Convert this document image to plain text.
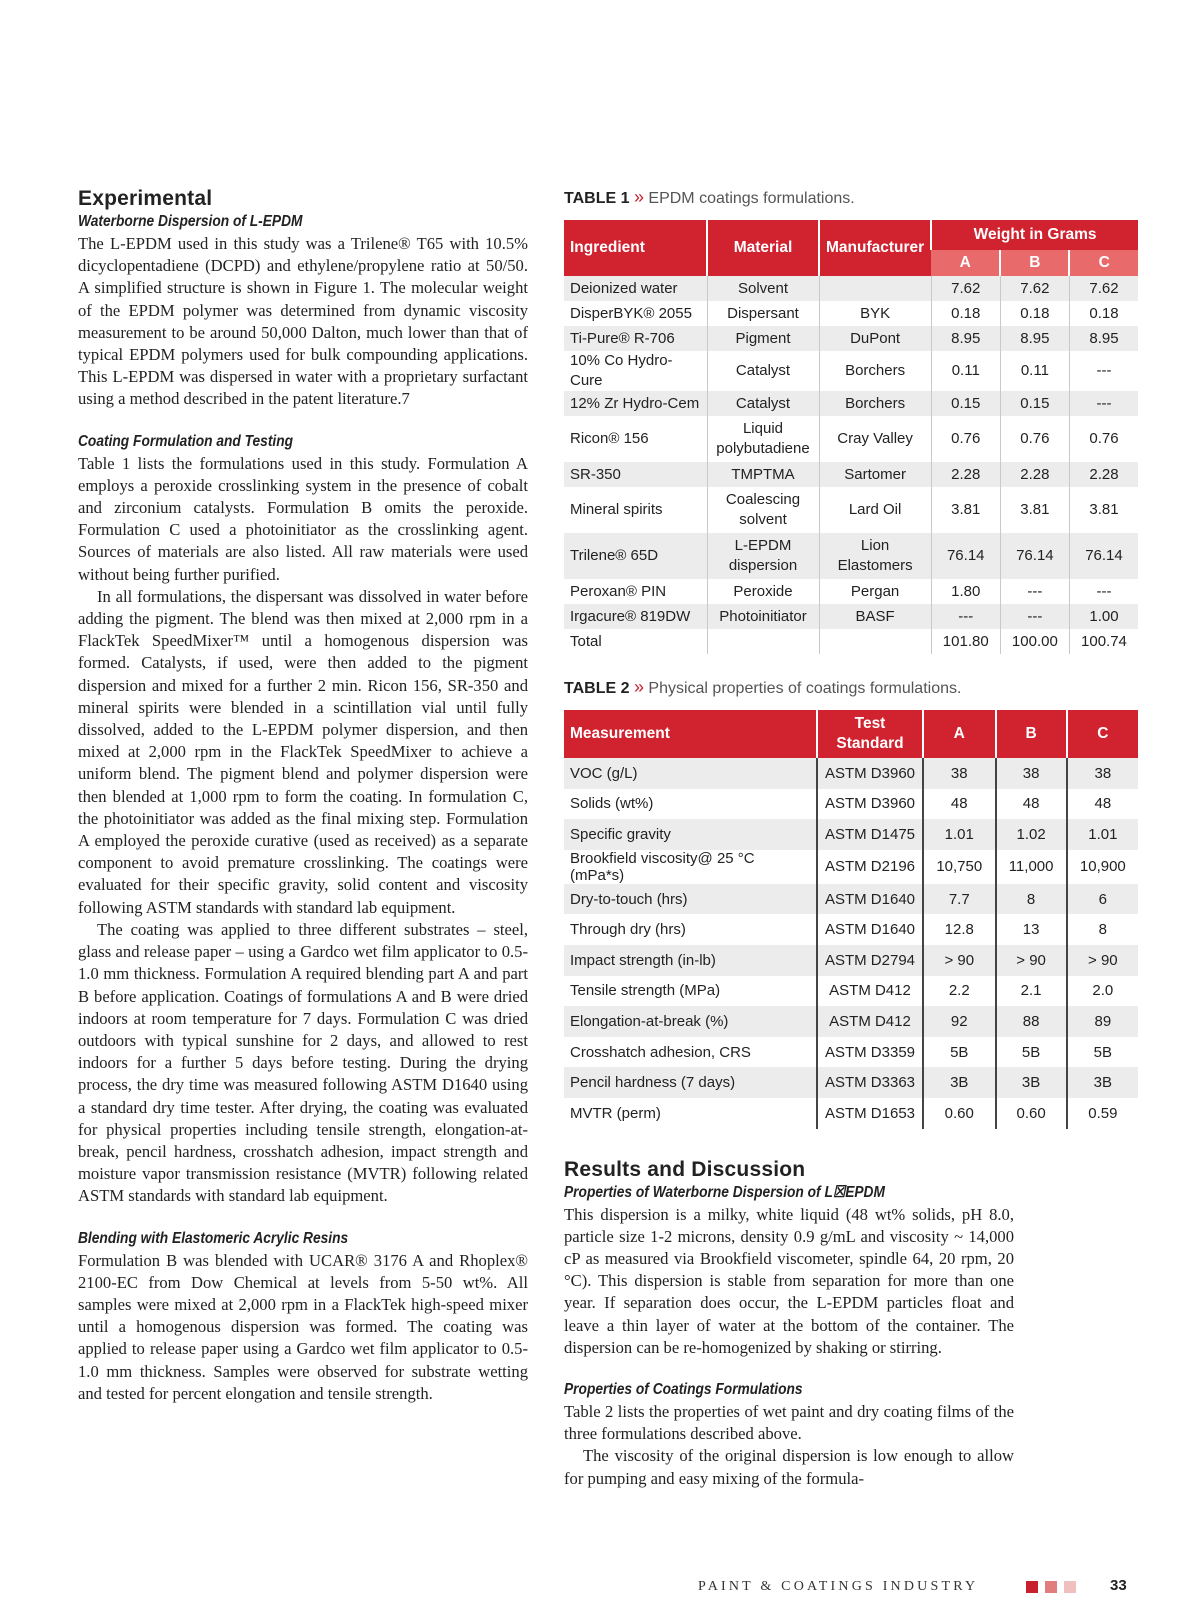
Experimental
Waterborne Dispersion of L-EPDM

The L-EPDM used in this study was a Trilene® T65 with 10.5% dicyclopentadiene (DCPD) and ethylene/propylene ratio at 50/50. A simplified structure is shown in Figure 1. The molecular weight of the EPDM polymer was determined from dynamic viscosity measurement to be around 50,000 Dalton, much lower than that of typical EPDM polymers used for bulk compounding applications. This L-EPDM was dispersed in water with a proprietary surfactant using a method described in the patent literature.7

Coating Formulation and Testing

Table 1 lists the formulations used in this study. Formulation A employs a peroxide crosslinking system in the presence of cobalt and zirconium catalysts. Formulation B omits the peroxide. Formulation C used a photoinitiator as the crosslinking agent. Sources of materials are also listed. All raw materials were used without being further purified.

In all formulations, the dispersant was dissolved in water before adding the pigment. The blend was then mixed at 2,000 rpm in a FlackTek SpeedMixer™ until a homogenous dispersion was formed. Catalysts, if used, were then added to the pigment dispersion and mixed for a further 2 min. Ricon 156, SR-350 and mineral spirits were blended in a scintillation vial until fully dissolved, added to the L-EPDM polymer dispersion, and then mixed at 2,000 rpm in the FlackTek SpeedMixer to achieve a uniform blend. The pigment blend and polymer dispersion were then blended at 1,000 rpm to form the coating. In formulation C, the photoinitiator was added as the final mixing step. Formulation A employed the peroxide curative (used as received) as a separate component to avoid premature crosslinking. The coatings were evaluated for their specific gravity, solid content and viscosity following ASTM standards with standard lab equipment.

The coating was applied to three different substrates – steel, glass and release paper – using a Gardco wet film applicator to 0.5-1.0 mm thickness. Formulation A required blending part A and part B before application. Coatings of formulations A and B were dried indoors at room temperature for 7 days. Formulation C was dried outdoors with typical sunshine for 2 days, and allowed to rest indoors for a further 5 days before testing. During the drying process, the dry time was measured following ASTM D1640 using a standard dry time tester. After drying, the coating was evaluated for physical properties including tensile strength, elongation-at-break, pencil hardness, crosshatch adhesion, impact strength and moisture vapor transmission resistance (MVTR) following related ASTM standards with standard lab equipment.

Blending with Elastomeric Acrylic Resins

Formulation B was blended with UCAR® 3176 A and Rhoplex® 2100-EC from Dow Chemical at levels from 5-50 wt%. All samples were mixed at 2,000 rpm in a FlackTek high-speed mixer until a homogenous dispersion was formed. The coating was applied to release paper using a Gardco wet film applicator to 0.5-1.0 mm thickness. Samples were observed for substrate wetting and tested for percent elongation and tensile strength.

TABLE 1 » EPDM coatings formulations.

Ingredient	Material	Manufacturer	Weight in Grams		
			A	B	C
Deionized water	Solvent		7.62	7.62	7.62
DisperBYK® 2055	Dispersant	BYK	0.18	0.18	0.18
Ti-Pure® R-706	Pigment	DuPont	8.95	8.95	8.95
10% Co Hydro-Cure	Catalyst	Borchers	0.11	0.11	---
12% Zr Hydro-Cem	Catalyst	Borchers	0.15	0.15	---
Ricon® 156	Liquid polybutadiene	Cray Valley	0.76	0.76	0.76
SR-350	TMPTMA	Sartomer	2.28	2.28	2.28
Mineral spirits	Coalescing solvent	Lard Oil	3.81	3.81	3.81
Trilene® 65D	L-EPDM dispersion	Lion Elastomers	76.14	76.14	76.14
Peroxan® PIN	Peroxide	Pergan	1.80	---	---
Irgacure® 819DW	Photoinitiator	BASF	---	---	1.00
Total			101.80	100.00	100.74

TABLE 2 » Physical properties of coatings formulations.

Measurement	Test Standard	A	B	C
VOC (g/L)	ASTM D3960	38	38	38
Solids (wt%)	ASTM D3960	48	48	48
Specific gravity	ASTM D1475	1.01	1.02	1.01
Brookfield viscosity@ 25 °C (mPa*s)	ASTM D2196	10,750	11,000	10,900
Dry-to-touch (hrs)	ASTM D1640	7.7	8	6
Through dry (hrs)	ASTM D1640	12.8	13	8
Impact strength (in-lb)	ASTM D2794	> 90	> 90	> 90
Tensile strength (MPa)	ASTM D412	2.2	2.1	2.0
Elongation-at-break (%)	ASTM D412	92	88	89
Crosshatch adhesion, CRS	ASTM D3359	5B	5B	5B
Pencil hardness (7 days)	ASTM D3363	3B	3B	3B
MVTR (perm)	ASTM D1653	0.60	0.60	0.59
Results and Discussion
Properties of Waterborne Dispersion of L☒EPDM

This dispersion is a milky, white liquid (48 wt% solids, pH 8.0, particle size 1-2 microns, density 0.9 g/mL and viscosity ~ 14,000 cP as measured via Brookfield viscometer, spindle 64, 20 rpm, 20 °C). This dispersion is stable from separation for more than one year. If separation does occur, the L-EPDM particles float and leave a thin layer of water at the bottom of the container. The dispersion can be re-homogenized by shaking or stirring.

Properties of Coatings Formulations

Table 2 lists the properties of wet paint and dry coating films of the three formulations described above.

The viscosity of the original dispersion is low enough to allow for pumping and easy mixing of the formula-

PAINT & COATINGS INDUSTRY	33
